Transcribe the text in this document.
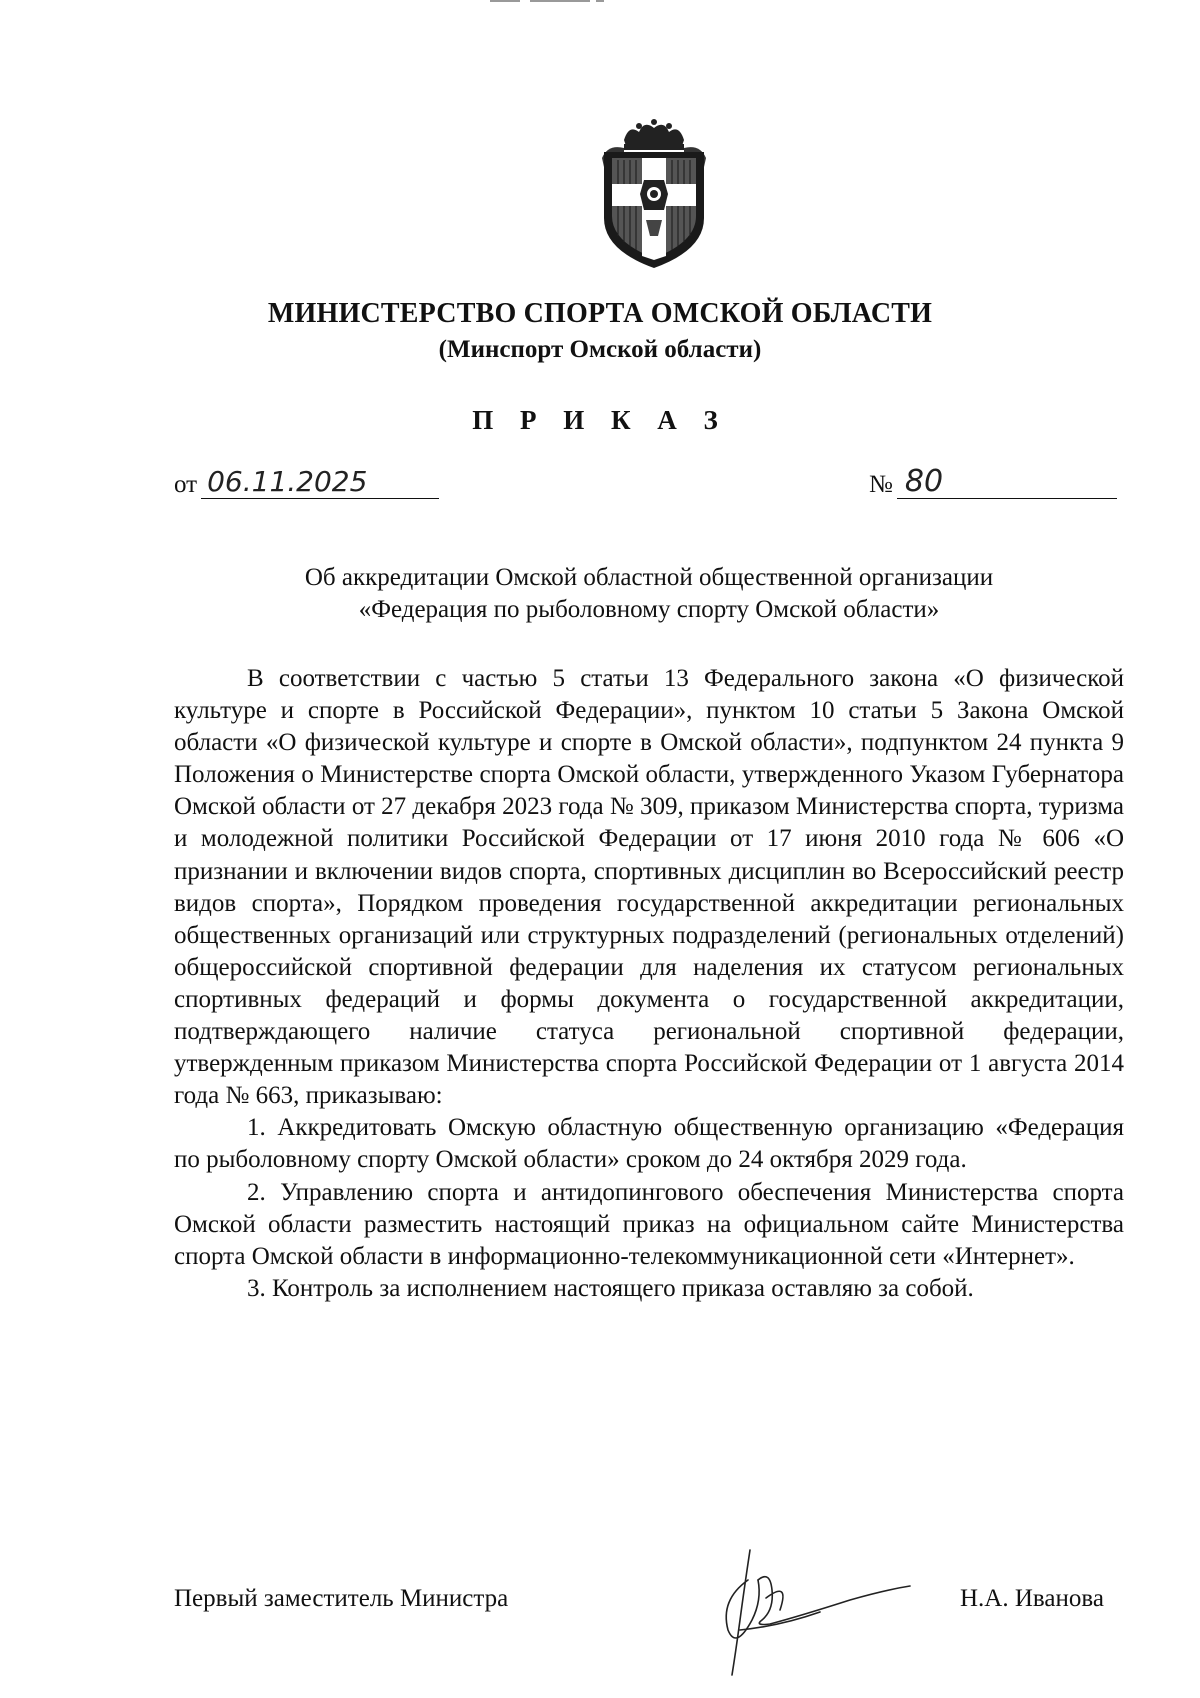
МИНИСТЕРСТВО СПОРТА ОМСКОЙ ОБЛАСТИ
(Минспорт Омской области)
П Р И К А З
от 06.11.2025	№ 80
Об аккредитации Омской областной общественной организации
«Федерация по рыболовному спорту Омской области»

В соответствии с частью 5 статьи 13 Федерального закона «О физической культуре и спорте в Российской Федерации», пунктом 10 статьи 5 Закона Омской области «О физической культуре и спорте в Омской области», подпунктом 24 пункта 9 Положения о Министерстве спорта Омской области, утвержденного Указом Губернатора Омской области от 27 декабря 2023 года № 309, приказом Министерства спорта, туризма и молодежной политики Российской Федерации от 17 июня 2010 года № 606 «О признании и включении видов спорта, спортивных дисциплин во Всероссийский реестр видов спорта», Порядком проведения государственной аккредитации региональных общественных организаций или структурных подразделений (региональных отделений) общероссийской спортивной федерации для наделения их статусом региональных спортивных федераций и формы документа о государственной аккредитации, подтверждающего наличие статуса региональной спортивной федерации, утвержденным приказом Министерства спорта Российской Федерации от 1 августа 2014 года № 663, приказываю:

1. Аккредитовать Омскую областную общественную организацию «Федерация по рыболовному спорту Омской области» сроком до 24 октября 2029 года.

2. Управлению спорта и антидопингового обеспечения Министерства спорта Омской области разместить настоящий приказ на официальном сайте Министерства спорта Омской области в информационно-телекоммуникационной сети «Интернет».

3. Контроль за исполнением настоящего приказа оставляю за собой.

Первый заместитель Министра	Н.А. Иванова
